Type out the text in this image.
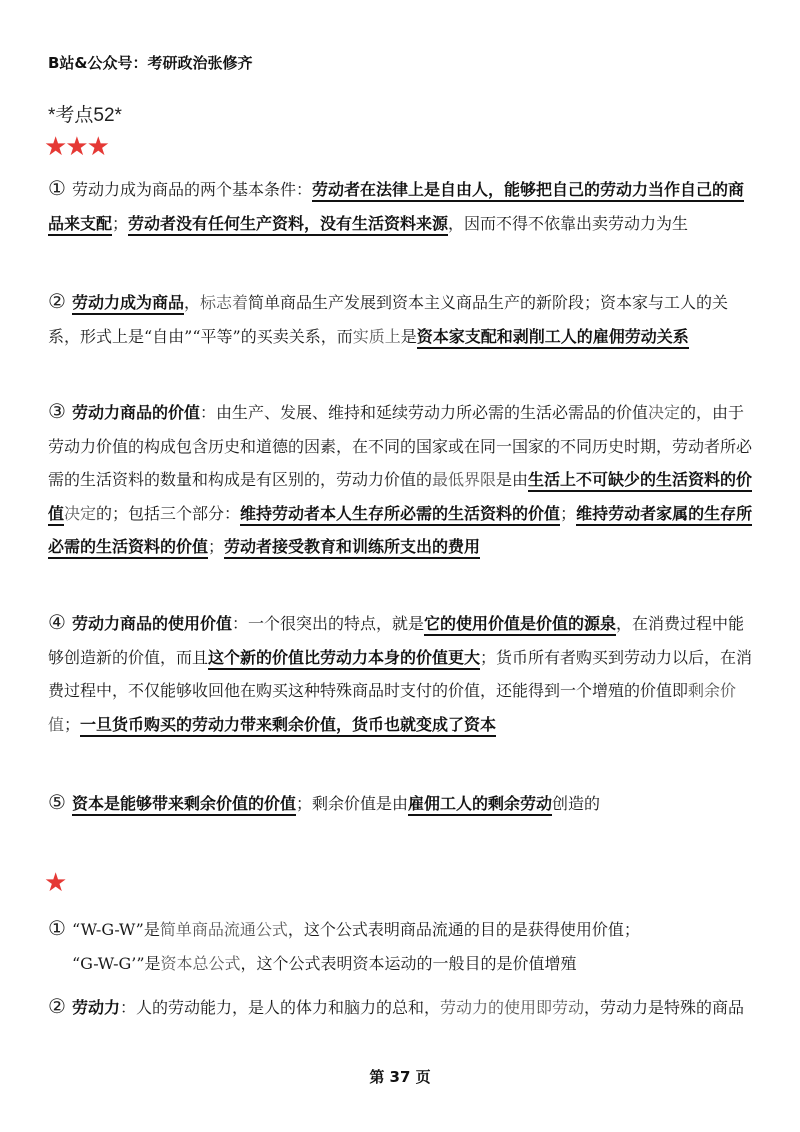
B站&公众号：考研政治张修齐
*考点52*
★★★
① 劳动力成为商品的两个基本条件：劳动者在法律上是自由人，能够把自己的劳动力当作自己的商品来支配；劳动者没有任何生产资料，没有生活资料来源，因而不得不依靠出卖劳动力为生
② 劳动力成为商品，标志着简单商品生产发展到资本主义商品生产的新阶段；资本家与工人的关系，形式上是“自由”“平等”的买卖关系，而实质上是资本家支配和剥削工人的雇佣劳动关系
③ 劳动力商品的价值：由生产、发展、维持和延续劳动力所必需的生活必需品的价值决定的，由于劳动力价值的构成包含历史和道德的因素，在不同的国家或在同一国家的不同历史时期，劳动者所必需的生活资料的数量和构成是有区别的，劳动力价值的最低界限是由生活上不可缺少的生活资料的价值决定的；包括三个部分：维持劳动者本人生存所必需的生活资料的价值；维持劳动者家属的生存所必需的生活资料的价值；劳动者接受教育和训练所支出的费用
④ 劳动力商品的使用价值：一个很突出的特点，就是它的使用价值是价值的源泉，在消费过程中能够创造新的价值，而且这个新的价值比劳动力本身的价值更大；货币所有者购买到劳动力以后，在消费过程中，不仅能够收回他在购买这种特殊商品时支付的价值，还能得到一个增殖的价值即剩余价值；一旦货币购买的劳动力带来剩余价值，货币也就变成了资本
⑤ 资本是能够带来剩余价值的价值；剩余价值是由雇佣工人的剩余劳动创造的
★
① “W-G-W”是简单商品流通公式，这个公式表明商品流通的目的是获得使用价值；
“G-W-G’”是资本总公式，这个公式表明资本运动的一般目的是价值增殖
② 劳动力：人的劳动能力，是人的体力和脑力的总和，劳动力的使用即劳动，劳动力是特殊的商品
第 37 页
